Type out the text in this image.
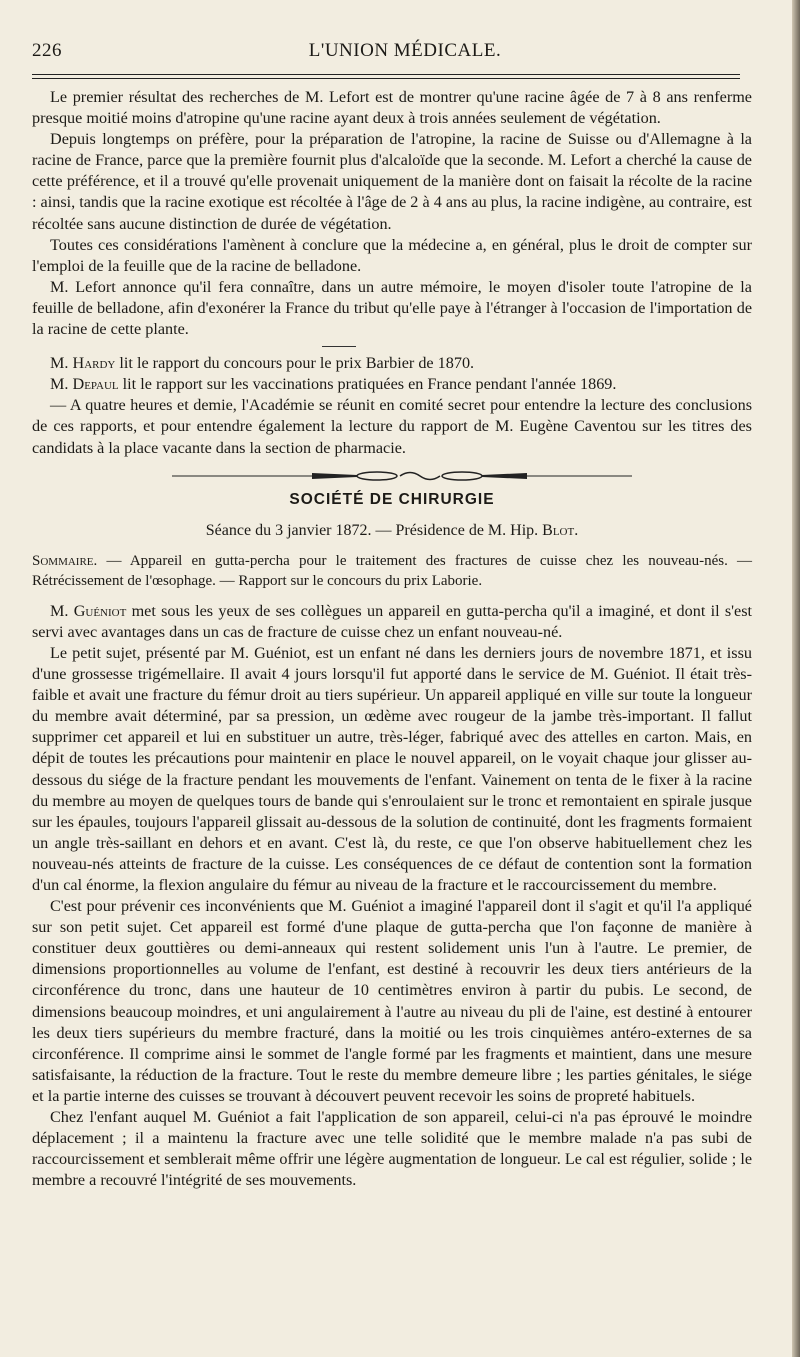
226	L'UNION MÉDICALE.

Le premier résultat des recherches de M. Lefort est de montrer qu'une racine âgée de 7 à 8 ans renferme presque moitié moins d'atropine qu'une racine ayant deux à trois années seulement de végétation.

Depuis longtemps on préfère, pour la préparation de l'atropine, la racine de Suisse ou d'Allemagne à la racine de France, parce que la première fournit plus d'alcaloïde que la seconde. M. Lefort a cherché la cause de cette préférence, et il a trouvé qu'elle provenait uniquement de la manière dont on faisait la récolte de la racine : ainsi, tandis que la racine exotique est récoltée à l'âge de 2 à 4 ans au plus, la racine indigène, au contraire, est récoltée sans aucune distinction de durée de végétation.

Toutes ces considérations l'amènent à conclure que la médecine a, en général, plus le droit de compter sur l'emploi de la feuille que de la racine de belladone.

M. Lefort annonce qu'il fera connaître, dans un autre mémoire, le moyen d'isoler toute l'atropine de la feuille de belladone, afin d'exonérer la France du tribut qu'elle paye à l'étranger à l'occasion de l'importation de la racine de cette plante.

M. Hardy lit le rapport du concours pour le prix Barbier de 1870.

M. Depaul lit le rapport sur les vaccinations pratiquées en France pendant l'année 1869.

— A quatre heures et demie, l'Académie se réunit en comité secret pour entendre la lecture des conclusions de ces rapports, et pour entendre également la lecture du rapport de M. Eugène Caventou sur les titres des candidats à la place vacante dans la section de pharmacie.

SOCIÉTÉ DE CHIRURGIE
Séance du 3 janvier 1872. — Présidence de M. Hip. Blot.
Sommaire. — Appareil en gutta-percha pour le traitement des fractures de cuisse chez les nouveau-nés. — Rétrécissement de l'œsophage. — Rapport sur le concours du prix Laborie.

M. Guéniot met sous les yeux de ses collègues un appareil en gutta-percha qu'il a imaginé, et dont il s'est servi avec avantages dans un cas de fracture de cuisse chez un enfant nouveau-né.

Le petit sujet, présenté par M. Guéniot, est un enfant né dans les derniers jours de novembre 1871, et issu d'une grossesse trigémellaire. Il avait 4 jours lorsqu'il fut apporté dans le service de M. Guéniot. Il était très-faible et avait une fracture du fémur droit au tiers supérieur. Un appareil appliqué en ville sur toute la longueur du membre avait déterminé, par sa pression, un œdème avec rougeur de la jambe très-important. Il fallut supprimer cet appareil et lui en substituer un autre, très-léger, fabriqué avec des attelles en carton. Mais, en dépit de toutes les précautions pour maintenir en place le nouvel appareil, on le voyait chaque jour glisser au-dessous du siége de la fracture pendant les mouvements de l'enfant. Vainement on tenta de le fixer à la racine du membre au moyen de quelques tours de bande qui s'enroulaient sur le tronc et remontaient en spirale jusque sur les épaules, toujours l'appareil glissait au-dessous de la solution de continuité, dont les fragments formaient un angle très-saillant en dehors et en avant. C'est là, du reste, ce que l'on observe habituellement chez les nouveau-nés atteints de fracture de la cuisse. Les conséquences de ce défaut de contention sont la formation d'un cal énorme, la flexion angulaire du fémur au niveau de la fracture et le raccourcissement du membre.

C'est pour prévenir ces inconvénients que M. Guéniot a imaginé l'appareil dont il s'agit et qu'il l'a appliqué sur son petit sujet. Cet appareil est formé d'une plaque de gutta-percha que l'on façonne de manière à constituer deux gouttières ou demi-anneaux qui restent solidement unis l'un à l'autre. Le premier, de dimensions proportionnelles au volume de l'enfant, est destiné à recouvrir les deux tiers antérieurs de la circonférence du tronc, dans une hauteur de 10 centimètres environ à partir du pubis. Le second, de dimensions beaucoup moindres, et uni angulairement à l'autre au niveau du pli de l'aine, est destiné à entourer les deux tiers supérieurs du membre fracturé, dans la moitié ou les trois cinquièmes antéro-externes de sa circonférence. Il comprime ainsi le sommet de l'angle formé par les fragments et maintient, dans une mesure satisfaisante, la réduction de la fracture. Tout le reste du membre demeure libre ; les parties génitales, le siége et la partie interne des cuisses se trouvant à découvert peuvent recevoir les soins de propreté habituels.

Chez l'enfant auquel M. Guéniot a fait l'application de son appareil, celui-ci n'a pas éprouvé le moindre déplacement ; il a maintenu la fracture avec une telle solidité que le membre malade n'a pas subi de raccourcissement et semblerait même offrir une légère augmentation de longueur. Le cal est régulier, solide ; le membre a recouvré l'intégrité de ses mouvements.
